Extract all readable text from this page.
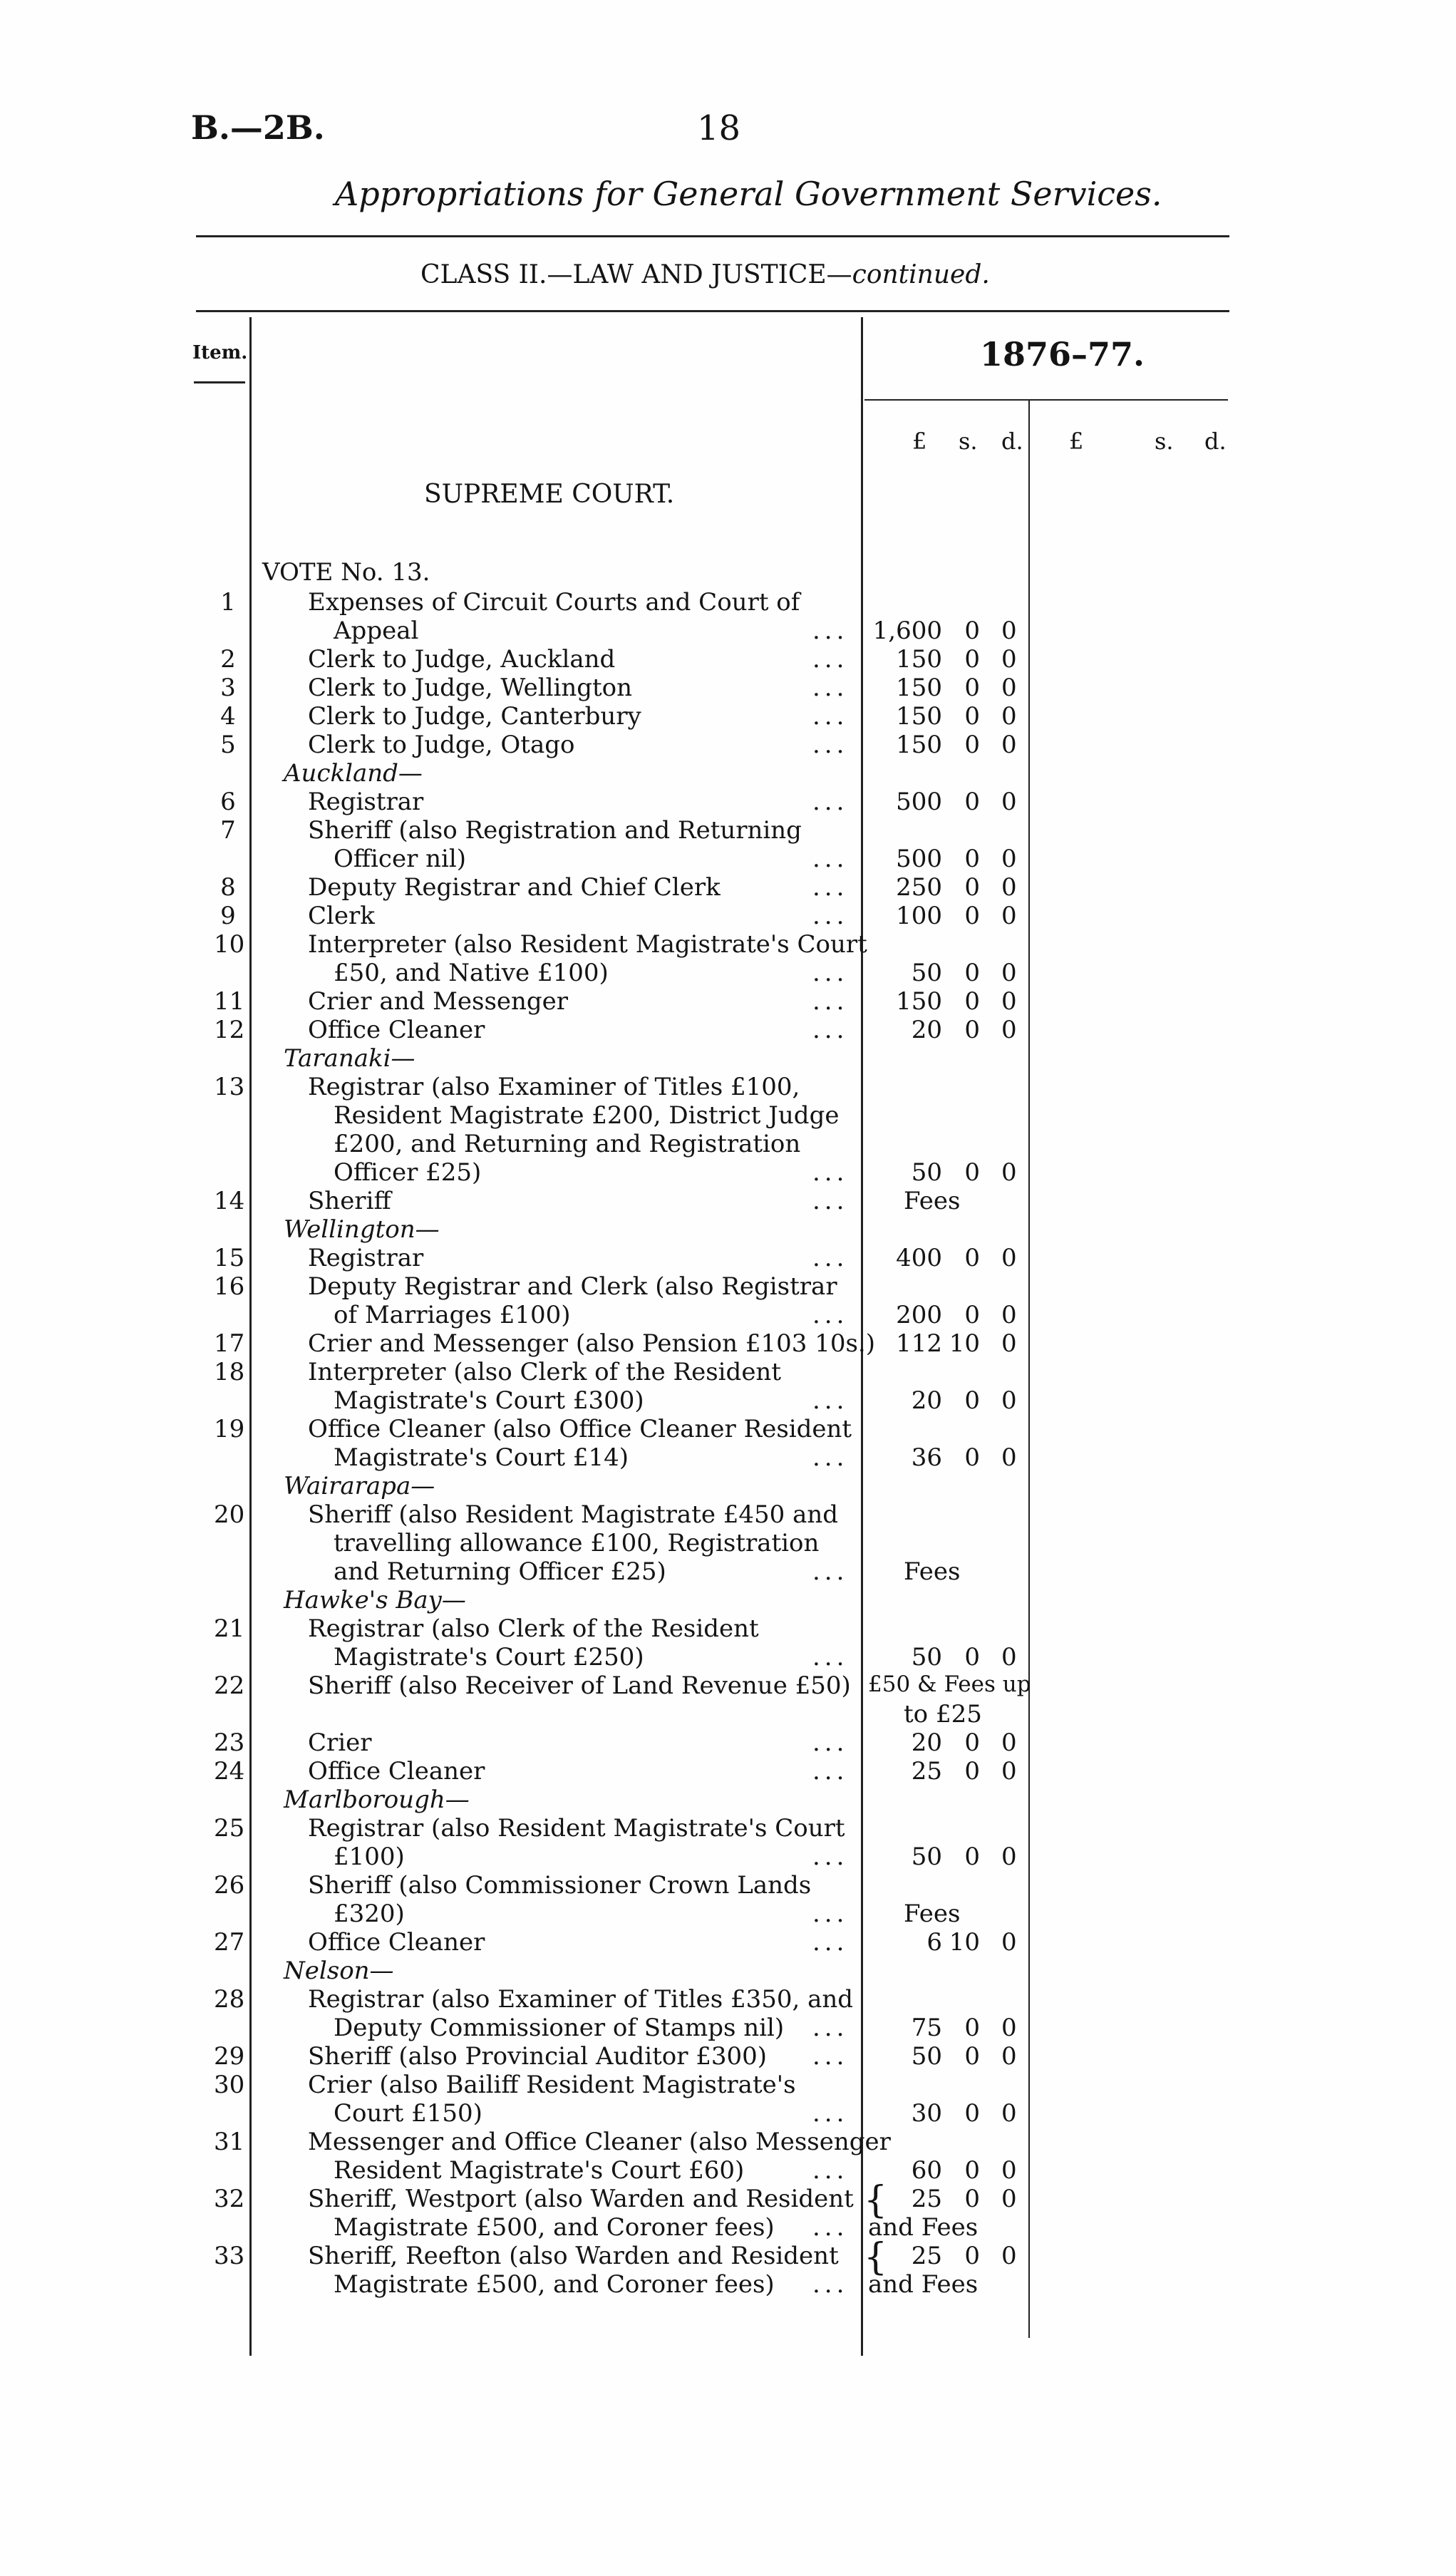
B.—2B.	18
Appropriations for General Government Services.
CLASS II.—LAW AND JUSTICE—continued.
Item.	1876–77.
£ s. d. £	s. d.
SUPREME COURT.
VOTE No. 13.
1	Expenses of Circuit Courts and Court of
Appeal	... 1,600 0 0
2	Clerk to Judge, Auckland	... 150 0 0
3	Clerk to Judge, Wellington	... 150 0 0
4	Clerk to Judge, Canterbury	... 150 0 0
5	Clerk to Judge, Otago	... 150 0 0
Auckland—
6	Registrar	... 500 0 0
7	Sheriff (also Registration and Returning
Officer nil)	... 500 0 0
8	Deputy Registrar and Chief Clerk	... 250 0 0
9	Clerk	... 100 0 0
10	Interpreter (also Resident Magistrate's Court
£50, and Native £100)	...	50 0 0
11	Crier and Messenger	... 150 0 0
12	Office Cleaner	...	20 0 0
Taranaki—
13	Registrar (also Examiner of Titles £100,
Resident Magistrate £200, District Judge
£200, and Returning and Registration
Officer £25)	...	50 0 0
14	Sheriff	... Fees
Wellington—
15	Registrar	... 400 0 0
16	Deputy Registrar and Clerk (also Registrar
of Marriages £100)	... 200 0 0
17	Crier and Messenger (also Pension £103 10s.) 112 10 0
18	Interpreter (also Clerk of the Resident
Magistrate's Court £300)	...	20 0 0
19	Office Cleaner (also Office Cleaner Resident
Magistrate's Court £14)	...	36 0 0
Wairarapa—
20	Sheriff (also Resident Magistrate £450 and
travelling allowance £100, Registration
and Returning Officer £25)	... Fees
Hawke's Bay—
21	Registrar (also Clerk of the Resident
Magistrate's Court £250)	...	50 0 0
22	Sheriff (also Receiver of Land Revenue £50) £50 & Fees up
to £25
23	Crier	...	20 0 0
24	Office Cleaner	...	25 0 0
Marlborough—
25	Registrar (also Resident Magistrate's Court
£100)	...	50 0 0
26	Sheriff (also Commissioner Crown Lands
£320)	... Fees
27	Office Cleaner	...	6 10 0
Nelson—
28	Registrar (also Examiner of Titles £350, and
Deputy Commissioner of Stamps nil) ...	75 0 0
29	Sheriff (also Provincial Auditor £300) ...	50 0 0
30	Crier (also Bailiff Resident Magistrate's
Court £150)	...	30 0 0
31	Messenger and Office Cleaner (also Messenger
Resident Magistrate's Court £60)	...	60 0 0
32	Sheriff, Westport (also Warden and Resident { 25 0 0
Magistrate £500, and Coroner fees) ... and Fees
33	Sheriff, Reefton (also Warden and Resident { 25 0 0
Magistrate £500, and Coroner fees) ... and Fees
